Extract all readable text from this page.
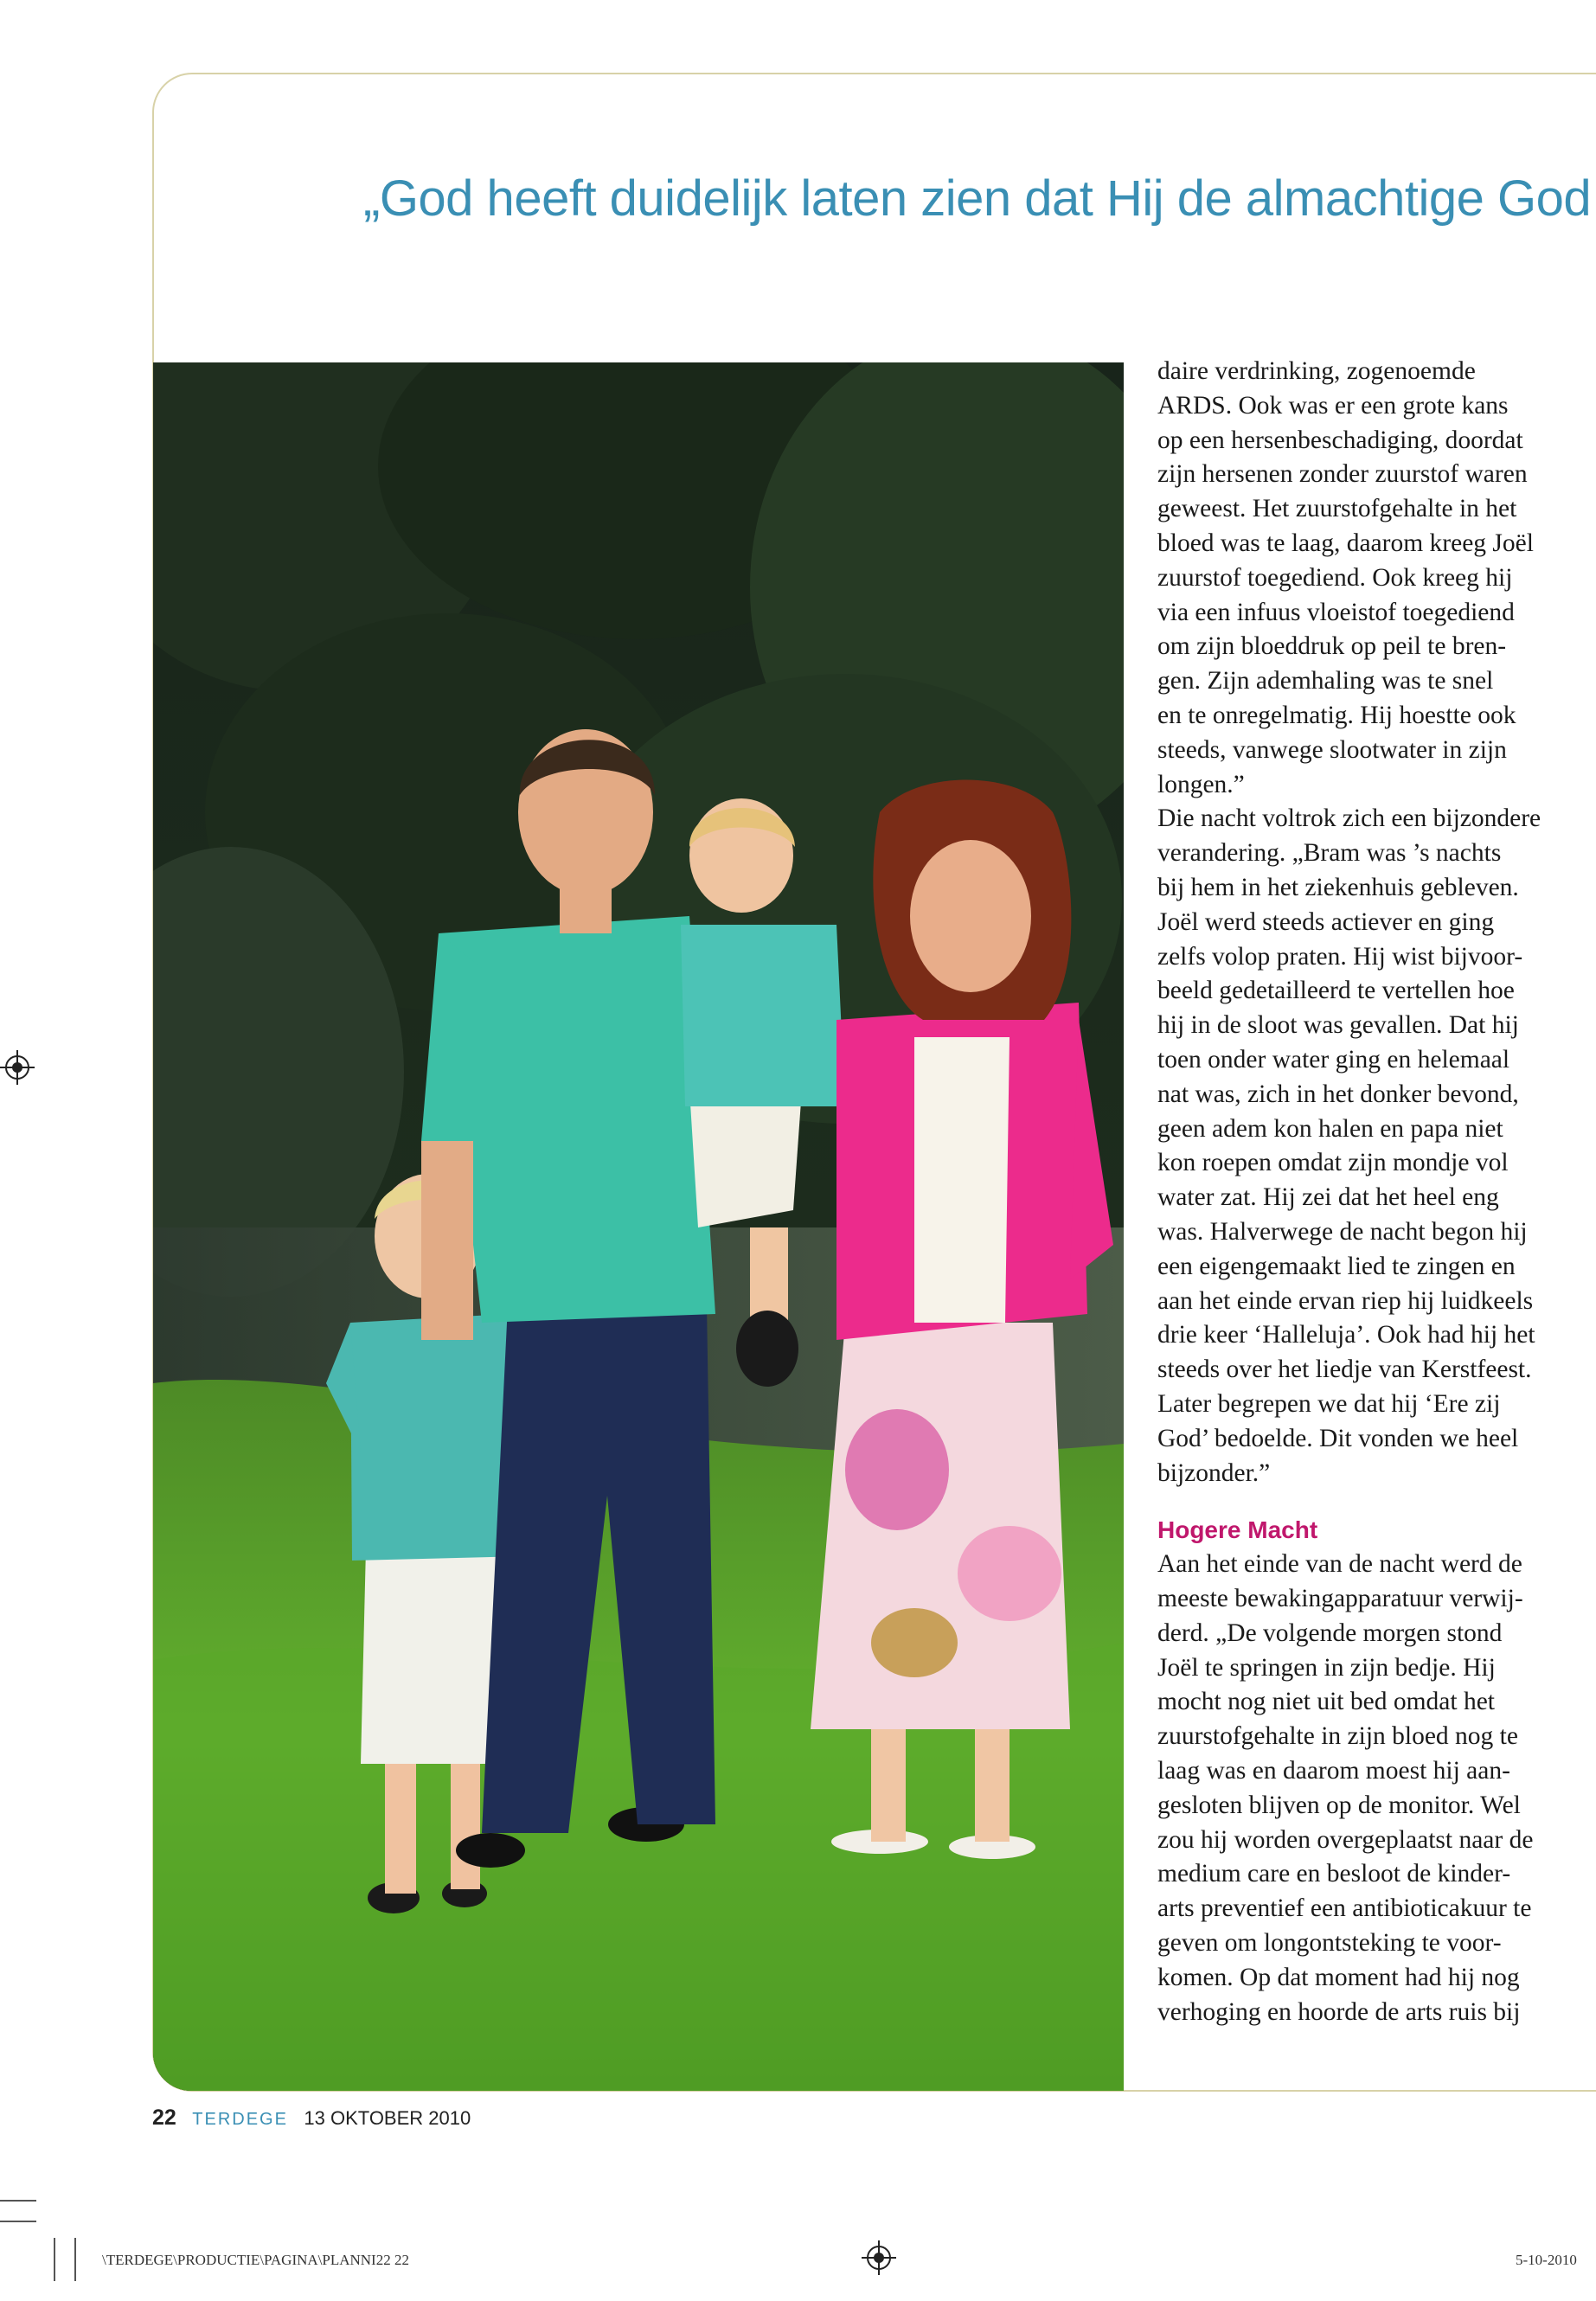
„God heeft duidelijk laten zien dat Hij de almachtige God

daire verdrinking, zogenoemde

ARDS. Ook was er een grote kans

op een hersenbeschadiging, doordat

zijn hersenen zonder zuurstof waren

geweest. Het zuurstofgehalte in het

bloed was te laag, daarom kreeg Joël

zuurstof toegediend. Ook kreeg hij

via een infuus vloeistof toegediend

om zijn bloeddruk op peil te bren-

gen. Zijn ademhaling was te snel

en te onregelmatig. Hij hoestte ook

steeds, vanwege slootwater in zijn

longen.”

Die nacht voltrok zich een bijzondere

verandering. „Bram was ’s nachts

bij hem in het ziekenhuis gebleven.

Joël werd steeds actiever en ging

zelfs volop praten. Hij wist bijvoor-

beeld gedetailleerd te vertellen hoe

hij in de sloot was gevallen. Dat hij

toen onder water ging en helemaal

nat was, zich in het donker bevond,

geen adem kon halen en papa niet

kon roepen omdat zijn mondje vol

water zat. Hij zei dat het heel eng

was. Halverwege de nacht begon hij

een eigengemaakt lied te zingen en

aan het einde ervan riep hij luidkeels

drie keer ‘Halleluja’. Ook had hij het

steeds over het liedje van Kerstfeest.

Later begrepen we dat hij ‘Ere zij

God’ bedoelde. Dit vonden we heel

bijzonder.”

Hogere Macht

Aan het einde van de nacht werd de

meeste bewakingapparatuur verwij-

derd. „De volgende morgen stond

Joël te springen in zijn bedje. Hij

mocht nog niet uit bed omdat het

zuurstofgehalte in zijn bloed nog te

laag was en daarom moest hij aan-

gesloten blijven op de monitor. Wel

zou hij worden overgeplaatst naar de

medium care en besloot de kinder-

arts preventief een antibioticakuur te

geven om longontsteking te voor-

komen. Op dat moment had hij nog

verhoging en hoorde de arts ruis bij

22 TERDEGE 13 OKTOBER 2010
\TERDEGE\PRODUCTIE\PAGINA\PLANNI22 22	5-10-2010
